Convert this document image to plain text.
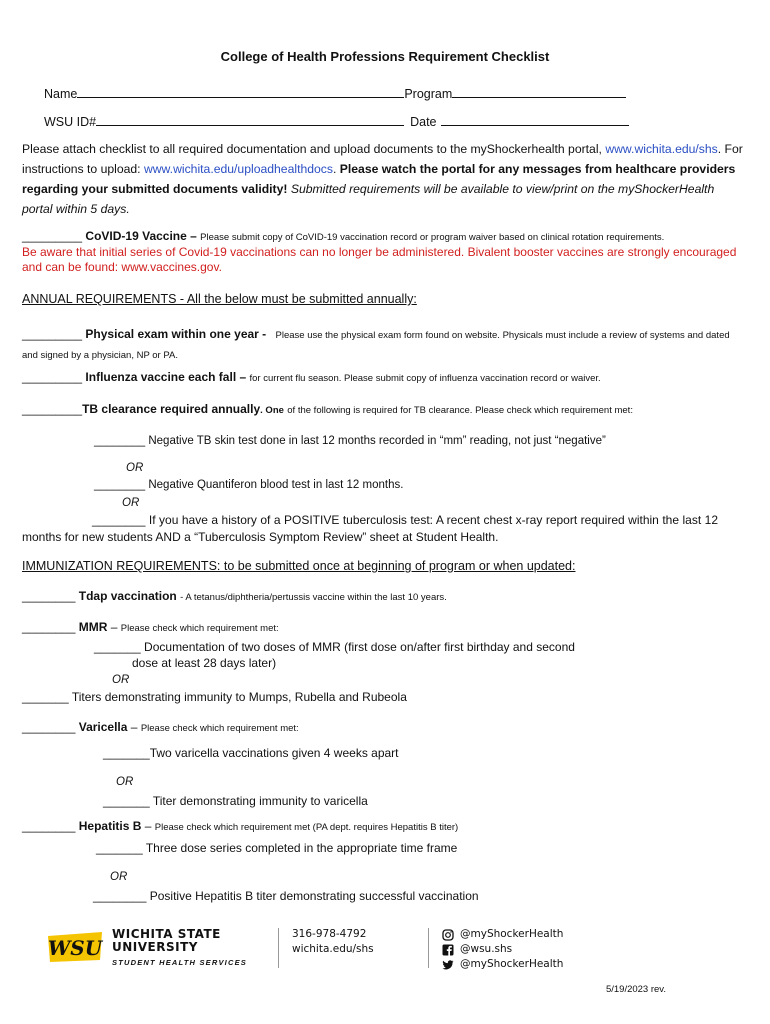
College of Health Professions Requirement Checklist
Name	Program
WSU ID#	Date
Please attach checklist to all required documentation and upload documents to the myShockerhealth portal, www.wichita.edu/shs. For instructions to upload: www.wichita.edu/uploadhealthdocs. Please watch the portal for any messages from healthcare providers regarding your submitted documents validity! Submitted requirements will be available to view/print on the myShockerHealth portal within 5 days.
_________ CoVID-19 Vaccine – Please submit copy of CoVID-19 vaccination record or program waiver based on clinical rotation requirements.
Be aware that initial series of Covid-19 vaccinations can no longer be administered. Bivalent booster vaccines are strongly encouraged and can be found: www.vaccines.gov.
ANNUAL REQUIREMENTS - All the below must be submitted annually:
_________ Physical exam within one year - Please use the physical exam form found on website. Physicals must include a review of systems and dated and signed by a physician, NP or PA.
_________ Influenza vaccine each fall – for current flu season. Please submit copy of influenza vaccination record or waiver.
_________TB clearance required annually. One of the following is required for TB clearance. Please check which requirement met:
________ Negative TB skin test done in last 12 months recorded in “mm” reading, not just “negative”
OR
________ Negative Quantiferon blood test in last 12 months.
OR
________ If you have a history of a POSITIVE tuberculosis test: A recent chest x-ray report required within the last 12 months for new students AND a “Tuberculosis Symptom Review” sheet at Student Health.
IMMUNIZATION REQUIREMENTS: to be submitted once at beginning of program or when updated:
________ Tdap vaccination - A tetanus/diphtheria/pertussis vaccine within the last 10 years.
________ MMR – Please check which requirement met:
_______ Documentation of two doses of MMR (first dose on/after first birthday and second
dose at least 28 days later)
OR
_______ Titers demonstrating immunity to Mumps, Rubella and Rubeola
________ Varicella – Please check which requirement met:
_______Two varicella vaccinations given 4 weeks apart
OR
_______ Titer demonstrating immunity to varicella
________ Hepatitis B – Please check which requirement met (PA dept. requires Hepatitis B titer)
_______ Three dose series completed in the appropriate time frame
OR
________ Positive Hepatitis B titer demonstrating successful vaccination
WSU
WICHITA STATE
UNIVERSITY
STUDENT HEALTH SERVICES
316-978-4792
wichita.edu/shs
@myShockerHealth
@wsu.shs
@myShockerHealth
5/19/2023 rev.
